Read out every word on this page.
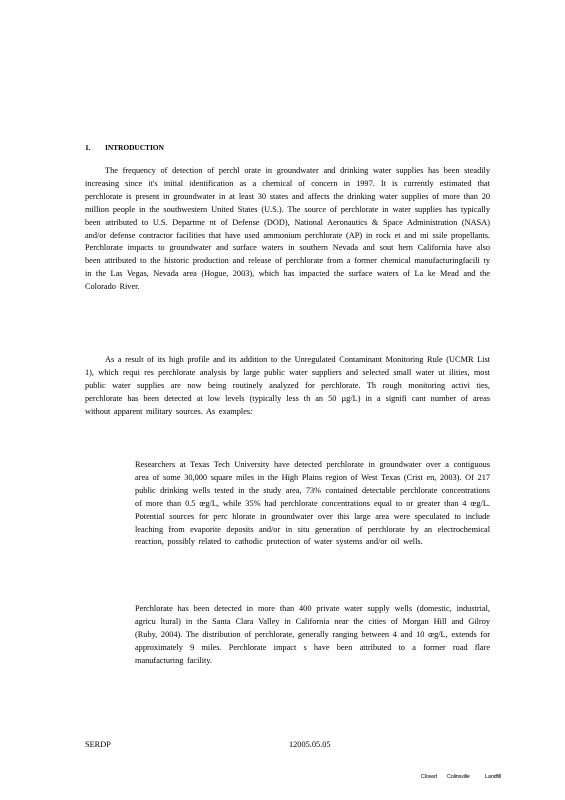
1. INTRODUCTION
The frequency of detection of perchl orate in groundwater and drinking water supplies has been steadily increasing since it's initial identification as a chemical of concern in 1997. It is currently estimated that perchlorate is present in groundwater in at least 30 states and affects the drinking water supplies of more than 20 million people in the southwestern United States (U.S.). The source of perchlorate in water supplies has typically been attributed to U.S. Departme nt of Defense (DOD), National Aeronautics & Space Administration (NASA) and/or defense contractor facilities that have used ammonium perchlorate (AP) in rock et and mi ssile propellants. Perchlorate impacts to groundwater and surface waters in southern Nevada and sout hern California have also been attributed to the historic production and release of perchlorate from a former chemical manufacturingfacili ty in the Las Vegas, Nevada area (Hogue, 2003), which has impacted the surface waters of La ke Mead and the Colorado River.
As a result of its high profile and its addition to the Unregulated Contaminant Monitoring Rule (UCMR List 1), which requi res perchlorate analysis by large public water suppliers and selected small water ut ilities, most public water supplies are now being routinely analyzed for perchlorate. Th rough monitoring activi ties, perchlorate has been detected at low levels (typically less th an 50 µg/L) in a signifi cant number of areas without apparent military sources. As examples:
Researchers at Texas Tech University have detected perchlorate in groundwater over a contiguous area of some 30,000 square miles in the High Plains region of West Texas (Crist en, 2003). Of 217 public drinking wells tested in the study area, 73% contained detectable perchlorate concentrations of more than 0.5 œg/L, while 35% had perchlorate concentrations equal to or greater than 4 œg/L. Potential sources for perc hlorate in groundwater over this large area were speculated to include leaching from evaporite deposits and/or in situ generation of perchlorate by an electrochemical reaction, possibly related to cathodic protection of water systems and/or oil wells.
Perchlorate has been detected in more than 400 private water supply wells (domestic, industrial, agricu ltural) in the Santa Clara Valley in California near the cities of Morgan Hill and Gilroy (Ruby, 2004). The distribution of perchlorate, generally ranging between 4 and 10 œg/L, extends for approximately 9 miles. Perchlorate impact s have been attributed to a former road flare manufacturing facility.
SERDP	12005.05.05
Closed Colinsville	Landfill
